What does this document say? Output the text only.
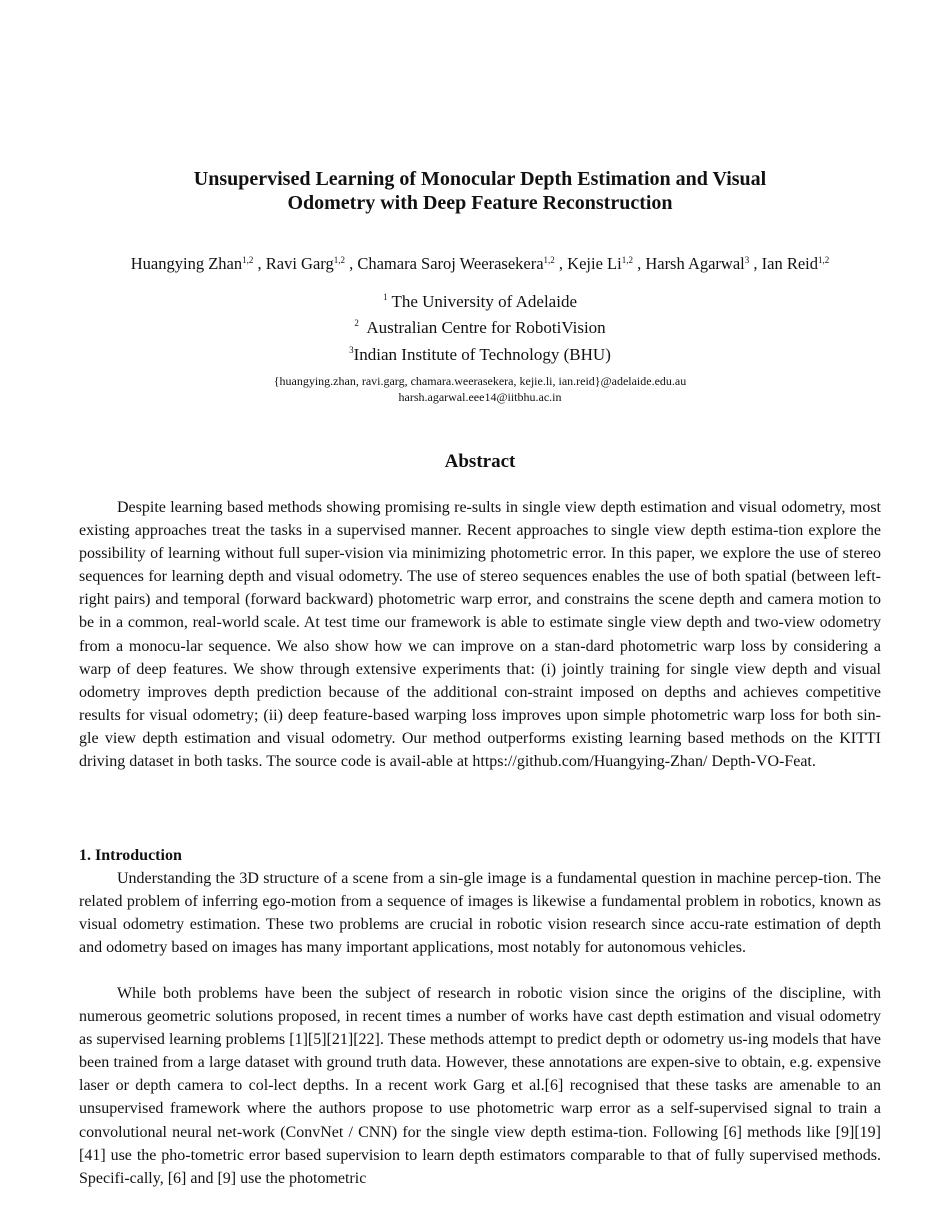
Unsupervised Learning of Monocular Depth Estimation and Visual
Odometry with Deep Feature Reconstruction
Huangying Zhan$^{1,2}$ , Ravi Garg$^{1,2}$ , Chamara Saroj Weerasekera$^{1,2}$ , Kejie Li$^{1,2}$ , Harsh Agarwal$^3$ , Ian Reid$^{1,2}$
$^1$ The University of Adelaide
$^2$ Australian Centre for RobotiVision
$^3$Indian Institute of Technology (BHU)
{huangying.zhan, ravi.garg, chamara.weerasekera, kejie.li, ian.reid}@adelaide.edu.au
harsh.agarwal.eee14@iitbhu.ac.in
Abstract

Despite learning based methods showing promising re-sults in single view depth estimation and visual odometry, most existing approaches treat the tasks in a supervised manner. Recent approaches to single view depth estima-tion explore the possibility of learning without full super-vision via minimizing photometric error. In this paper, we explore the use of stereo sequences for learning depth and visual odometry. The use of stereo sequences enables the use of both spatial (between left-right pairs) and temporal (forward backward) photometric warp error, and constrains the scene depth and camera motion to be in a common, real-world scale. At test time our framework is able to estimate single view depth and two-view odometry from a monocu-lar sequence. We also show how we can improve on a stan-dard photometric warp loss by considering a warp of deep features. We show through extensive experiments that: (i) jointly training for single view depth and visual odometry improves depth prediction because of the additional con-straint imposed on depths and achieves competitive results for visual odometry; (ii) deep feature-based warping loss improves upon simple photometric warp loss for both sin-gle view depth estimation and visual odometry. Our method outperforms existing learning based methods on the KITTI driving dataset in both tasks. The source code is avail-able at https://github.com/Huangying-Zhan/ Depth-VO-Feat.

1. Introduction

Understanding the 3D structure of a scene from a sin-gle image is a fundamental question in machine percep-tion. The related problem of inferring ego-motion from a sequence of images is likewise a fundamental problem in robotics, known as visual odometry estimation. These two problems are crucial in robotic vision research since accu-rate estimation of depth and odometry based on images has many important applications, most notably for autonomous vehicles.

While both problems have been the subject of research in robotic vision since the origins of the discipline, with numerous geometric solutions proposed, in recent times a number of works have cast depth estimation and visual odometry as supervised learning problems [1][5][21][22]. These methods attempt to predict depth or odometry us-ing models that have been trained from a large dataset with ground truth data. However, these annotations are expen-sive to obtain, e.g. expensive laser or depth camera to col-lect depths. In a recent work Garg et al.[6] recognised that these tasks are amenable to an unsupervised framework where the authors propose to use photometric warp error as a self-supervised signal to train a convolutional neural net-work (ConvNet / CNN) for the single view depth estima-tion. Following [6] methods like [9][19][41] use the pho-tometric error based supervision to learn depth estimators comparable to that of fully supervised methods. Specifi-cally, [6] and [9] use the photometric
